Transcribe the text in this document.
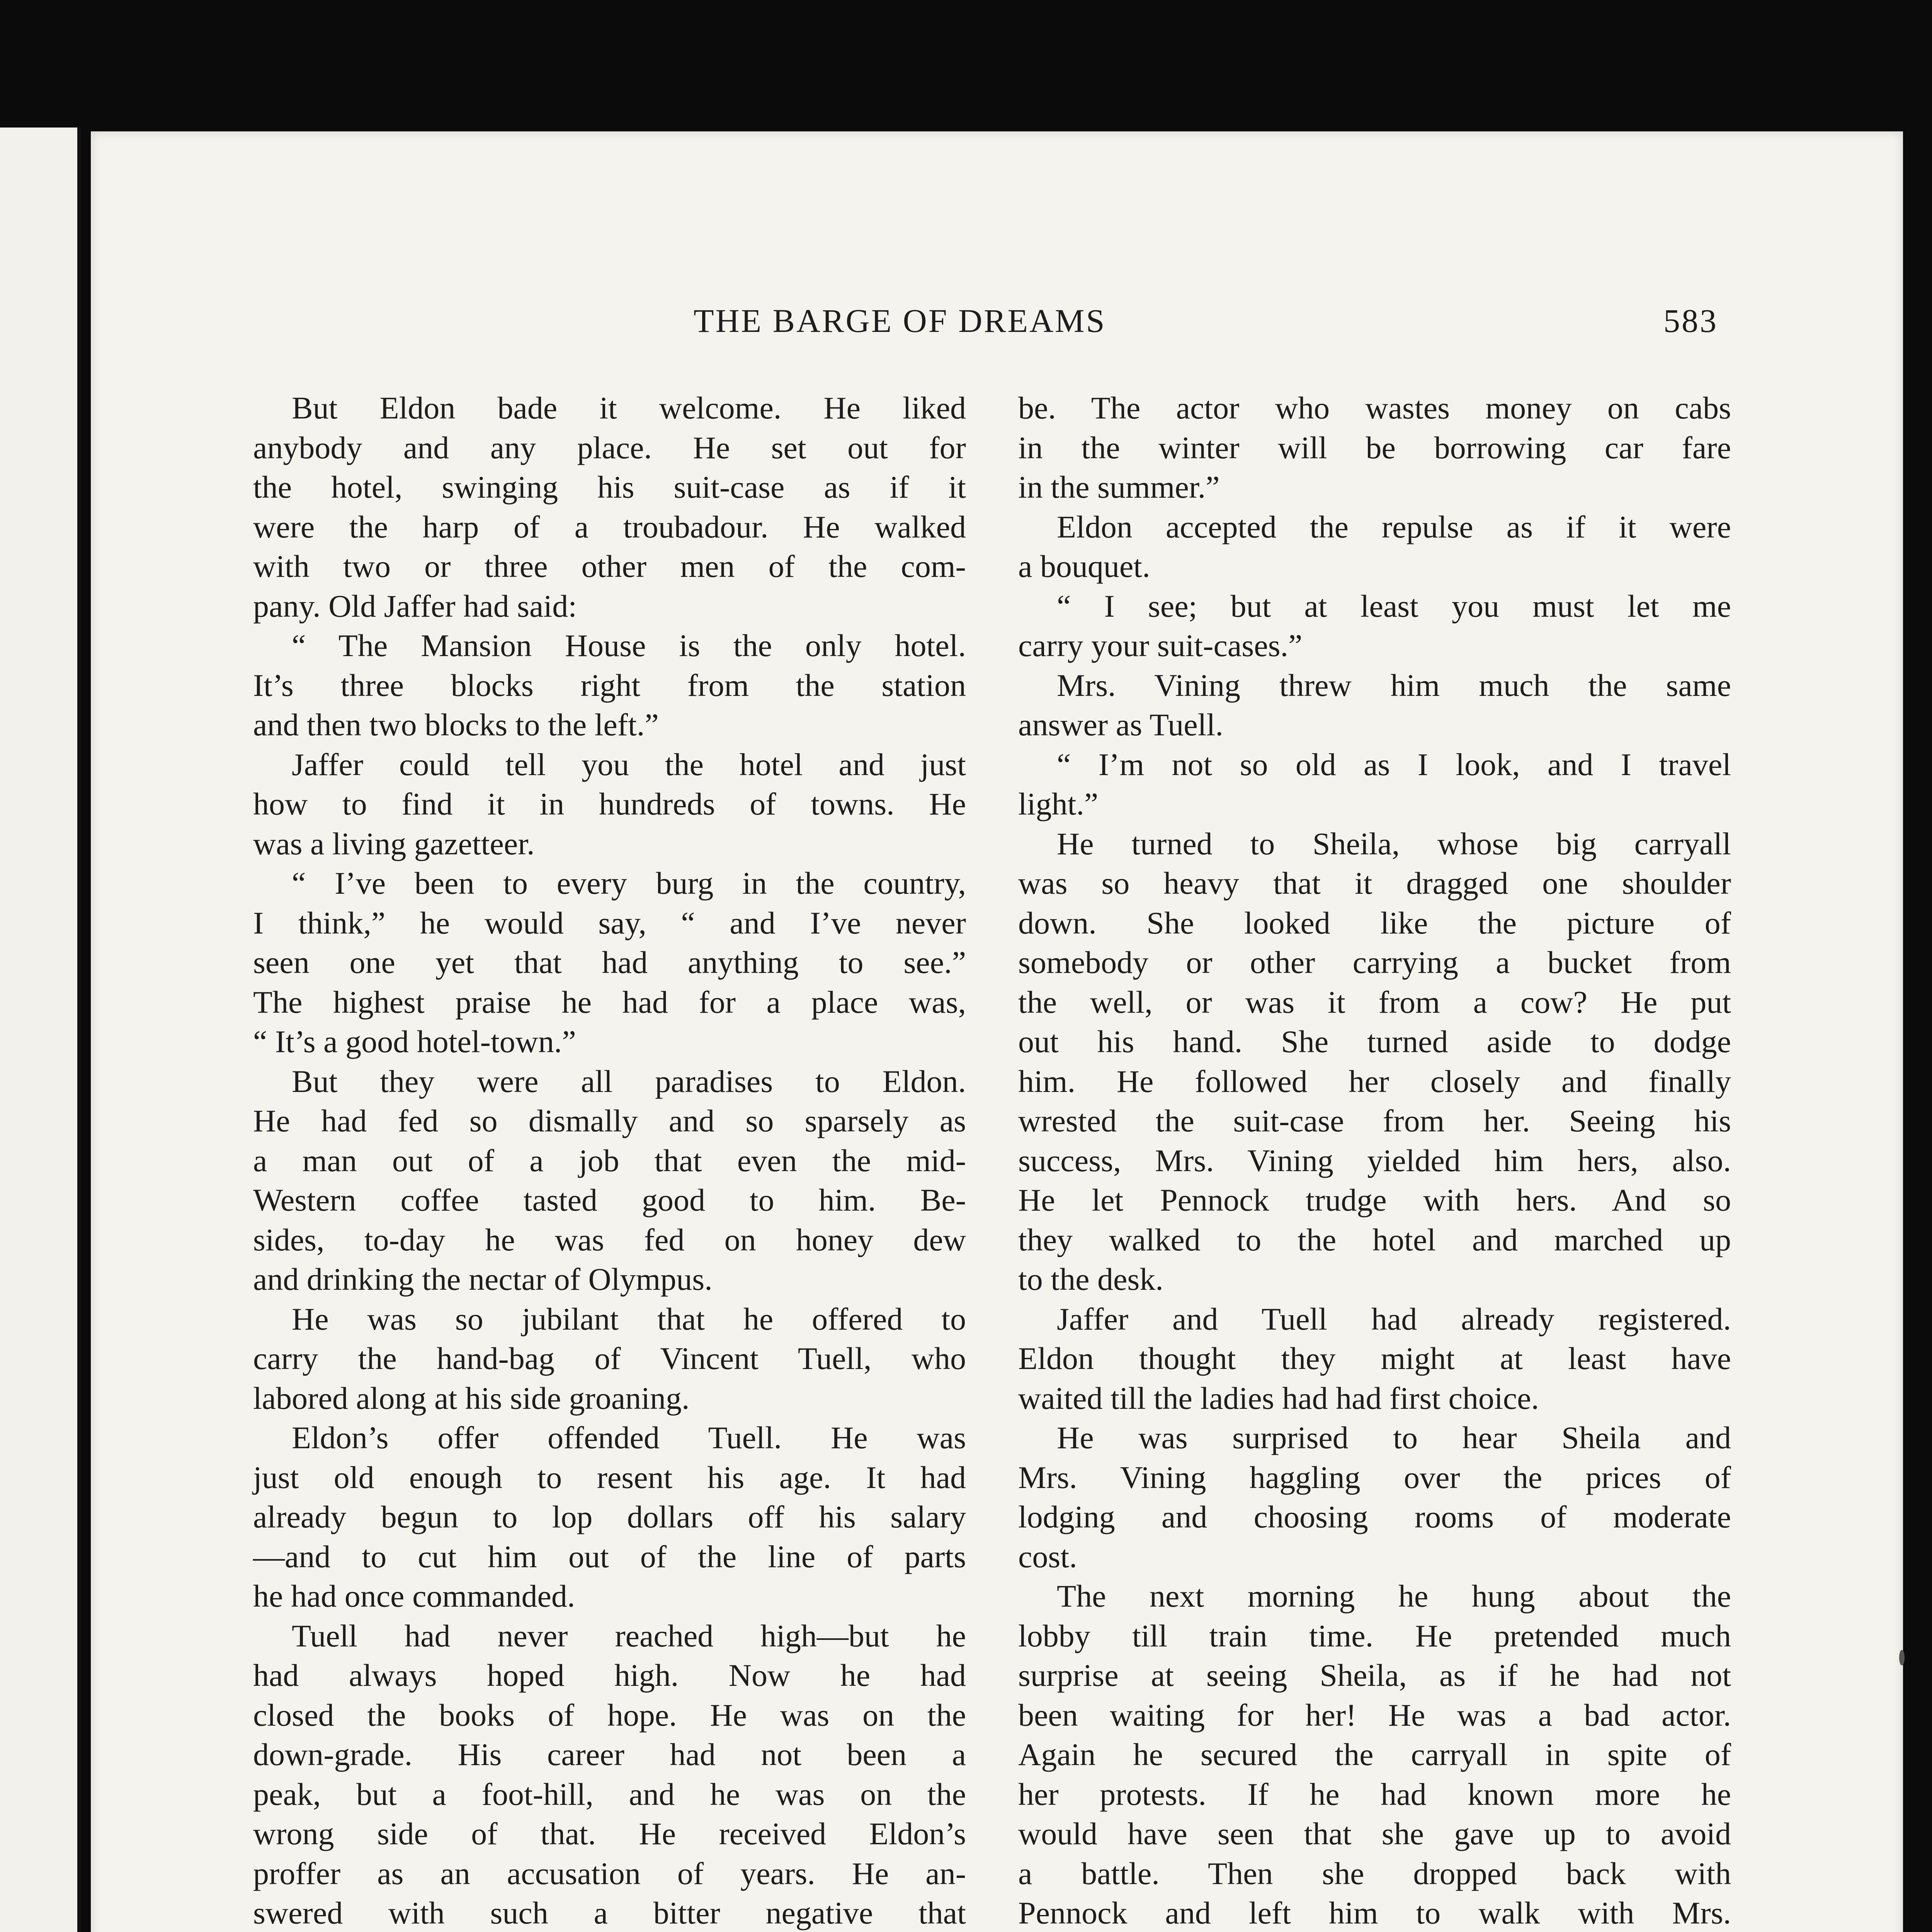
THE BARGE OF DREAMS	583
But Eldon bade it welcome. He liked
anybody and any place. He set out for
the hotel, swinging his suit-case as if it
were the harp of a troubadour. He walked
with two or three other men of the com-
pany. Old Jaffer had said:
“ The Mansion House is the only hotel.
It’s three blocks right from the station
and then two blocks to the left.”
Jaffer could tell you the hotel and just
how to find it in hundreds of towns. He
was a living gazetteer.
“ I’ve been to every burg in the country,
I think,” he would say, “ and I’ve never
seen one yet that had anything to see.”
The highest praise he had for a place was,
“ It’s a good hotel-town.”
But they were all paradises to Eldon.
He had fed so dismally and so sparsely as
a man out of a job that even the mid-
Western coffee tasted good to him. Be-
sides, to-day he was fed on honey dew
and drinking the nectar of Olympus.
He was so jubilant that he offered to
carry the hand-bag of Vincent Tuell, who
labored along at his side groaning.
Eldon’s offer offended Tuell. He was
just old enough to resent his age. It had
already begun to lop dollars off his salary
—and to cut him out of the line of parts
he had once commanded.
Tuell had never reached high—but he
had always hoped high. Now he had
closed the books of hope. He was on the
down-grade. His career had not been a
peak, but a foot-hill, and he was on the
wrong side of that. He received Eldon’s
proffer as an accusation of years. He an-
swered with such a bitter negative that
be. The actor who wastes money on cabs
in the winter will be borrowing car fare
in the summer.”
Eldon accepted the repulse as if it were
a bouquet.
“ I see; but at least you must let me
carry your suit-cases.”
Mrs. Vining threw him much the same
answer as Tuell.
“ I’m not so old as I look, and I travel
light.”
He turned to Sheila, whose big carryall
was so heavy that it dragged one shoulder
down. She looked like the picture of
somebody or other carrying a bucket from
the well, or was it from a cow? He put
out his hand. She turned aside to dodge
him. He followed her closely and finally
wrested the suit-case from her. Seeing his
success, Mrs. Vining yielded him hers, also.
He let Pennock trudge with hers. And so
they walked to the hotel and marched up
to the desk.
Jaffer and Tuell had already registered.
Eldon thought they might at least have
waited till the ladies had had first choice.
He was surprised to hear Sheila and
Mrs. Vining haggling over the prices of
lodging and choosing rooms of moderate
cost.
The next morning he hung about the
lobby till train time. He pretended much
surprise at seeing Sheila, as if he had not
been waiting for her! He was a bad actor.
Again he secured the carryall in spite of
her protests. If he had known more he
would have seen that she gave up to avoid
a battle. Then she dropped back with
Pennock and left him to walk with Mrs.
